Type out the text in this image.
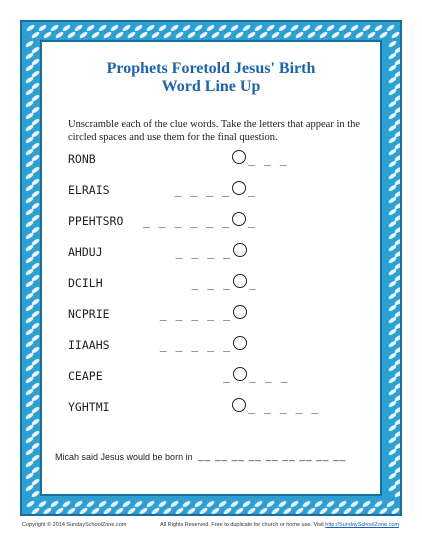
Prophets Foretold Jesus' Birth
Word Line Up
Unscramble each of the clue words. Take the letters that appear in the circled spaces and use them for the final question.
RONB	_ _ _
ELRAIS	_ _ _ _ _
PPEHTSRO _ _ _ _ _ _ _
AHDUJ	_ _ _ _
DCILH	_ _ _ _
NCPRIE	_ _ _ _ _
IIAAHS	_ _ _ _ _
CEAPE	_ _ _ _
YGHTMI	_ _ _ _ _
Micah said Jesus would be born in __ __ __ __ __ __ __ __ __
Copyright © 2014 SundaySchoolZone.com	All Rights Reserved. Free to duplicate for church or home use. Visit http://SundaySchoolZone.com
